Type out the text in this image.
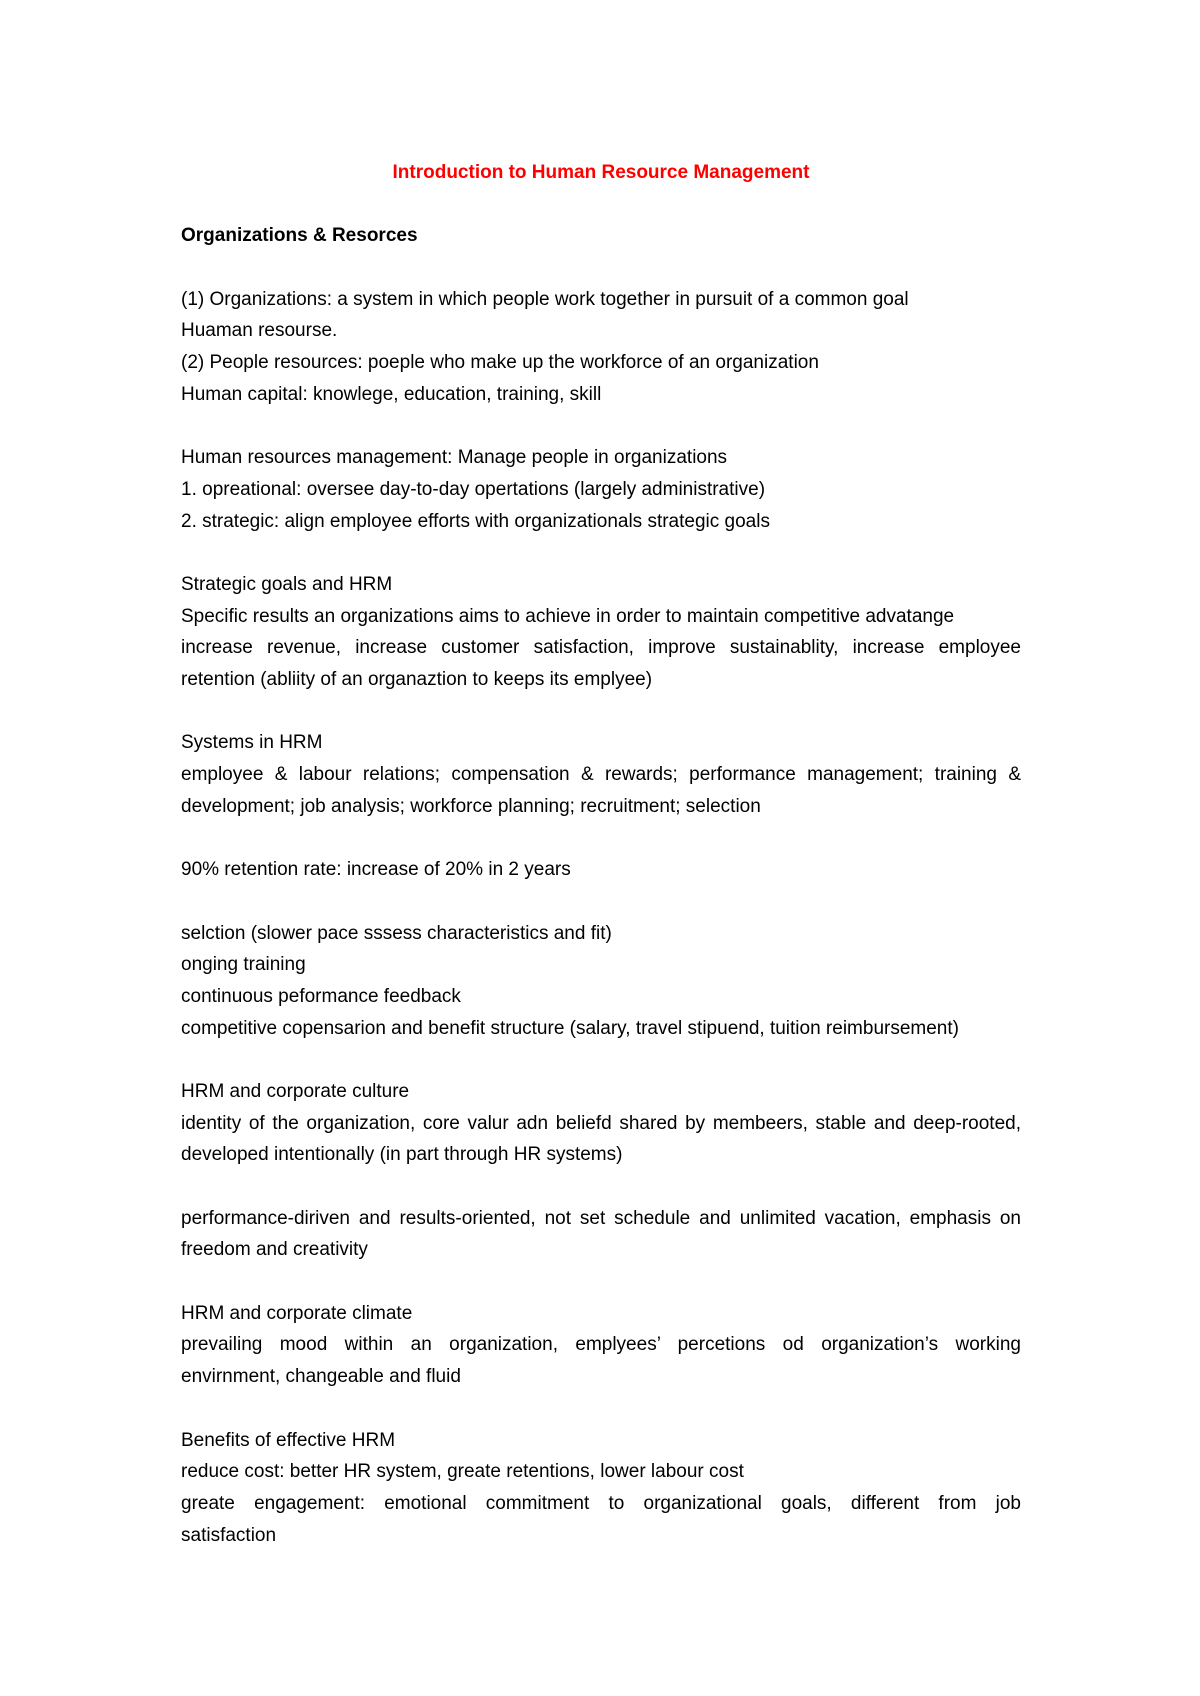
Introduction to Human Resource Management
Organizations & Resorces
(1) Organizations: a system in which people work together in pursuit of a common goal
Huaman resourse.
(2) People resources: poeple who make up the workforce of an organization
Human capital: knowlege, education, training, skill
Human resources management: Manage people in organizations
1. opreational: oversee day-to-day opertations (largely administrative)
2. strategic: align employee efforts with organizationals strategic goals
Strategic goals and HRM
Specific results an organizations aims to achieve in order to maintain competitive advatange
increase revenue, increase customer satisfaction, improve sustainablity, increase employee
retention (abliity of an organaztion to keeps its emplyee)
Systems in HRM
employee & labour relations; compensation & rewards; performance management; training &
development; job analysis; workforce planning; recruitment; selection
90% retention rate: increase of 20% in 2 years
selction (slower pace sssess characteristics and fit)
onging training
continuous peformance feedback
competitive copensarion and benefit structure (salary, travel stipuend, tuition reimbursement)
HRM and corporate culture
identity of the organization, core valur adn beliefd shared by membeers, stable and deep-rooted,
developed intentionally (in part through HR systems)
performance-diriven and results-oriented, not set schedule and unlimited vacation, emphasis on
freedom and creativity
HRM and corporate climate
prevailing mood within an organization, emplyees’ percetions od organization’s working
envirnment, changeable and fluid
Benefits of effective HRM
reduce cost: better HR system, greate retentions, lower labour cost
greate engagement: emotional commitment to organizational goals, different from job
satisfaction
